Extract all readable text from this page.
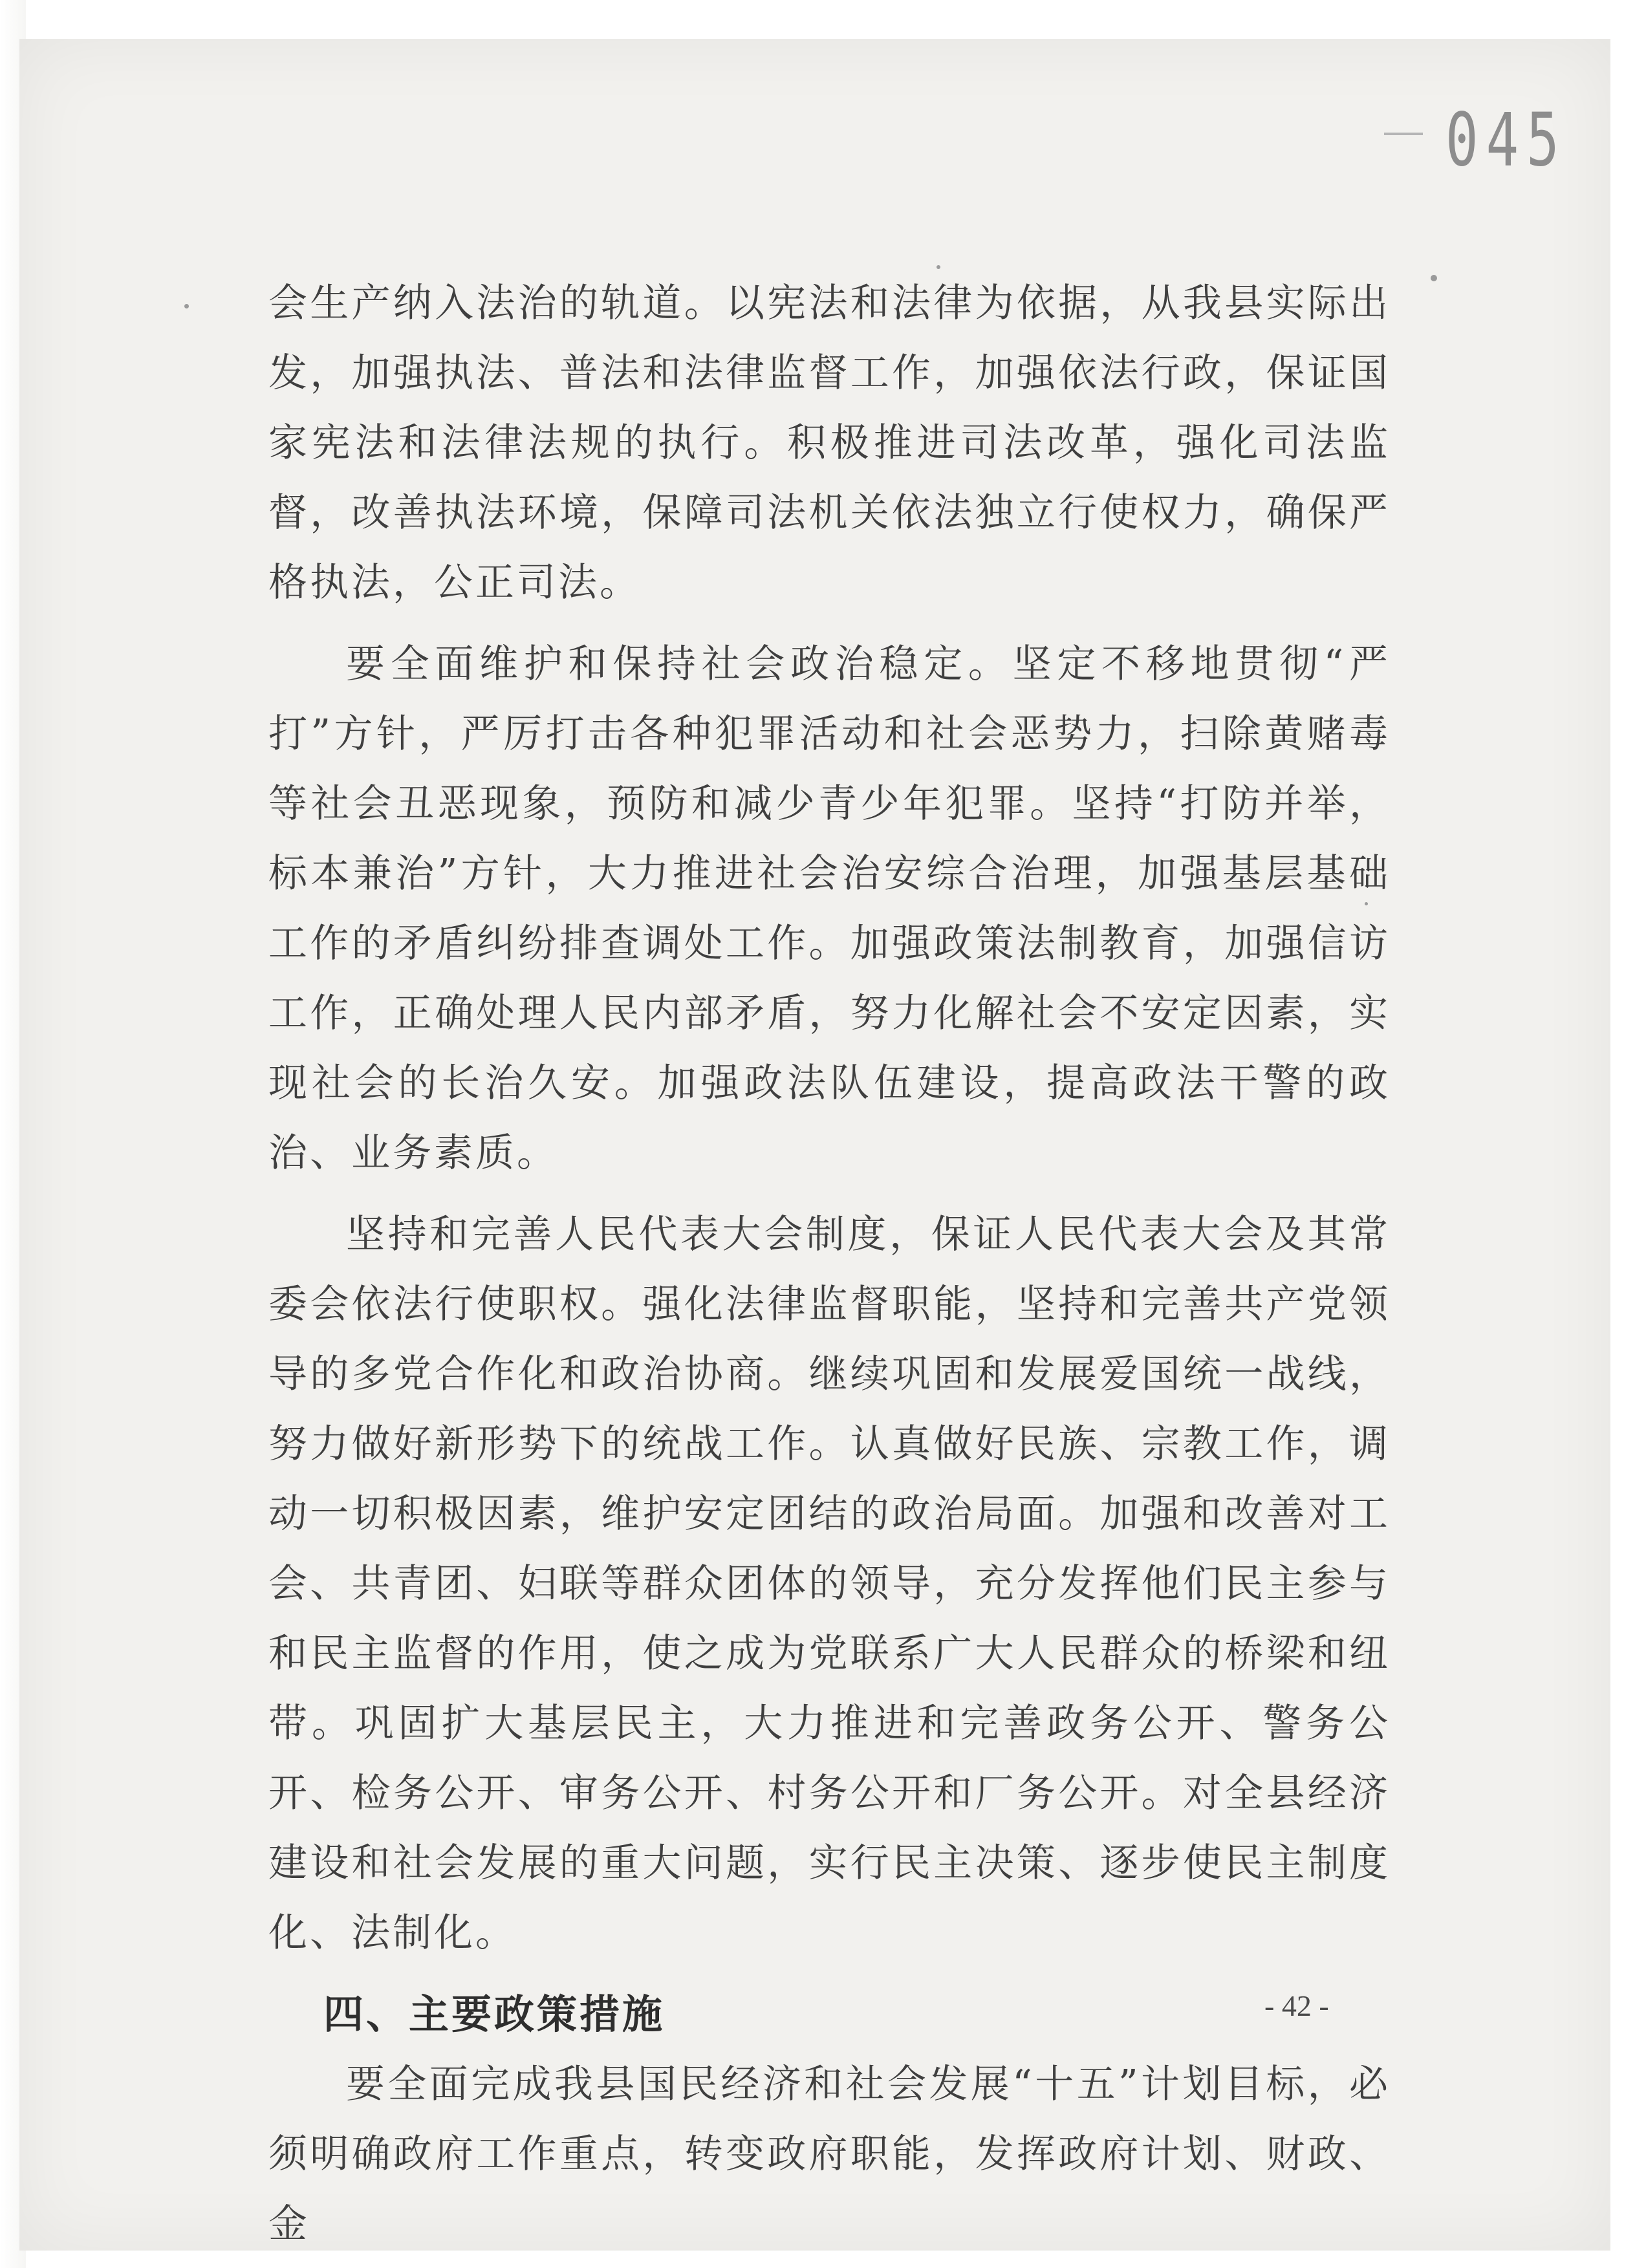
045

会生产纳入法治的轨道。以宪法和法律为依据，从我县实际出发，加强执法、普法和法律监督工作，加强依法行政，保证国家宪法和法律法规的执行。积极推进司法改革，强化司法监督，改善执法环境，保障司法机关依法独立行使权力，确保严格执法，公正司法。

要全面维护和保持社会政治稳定。坚定不移地贯彻“严打”方针，严厉打击各种犯罪活动和社会恶势力，扫除黄赌毒等社会丑恶现象，预防和减少青少年犯罪。坚持“打防并举，标本兼治”方针，大力推进社会治安综合治理，加强基层基础工作的矛盾纠纷排查调处工作。加强政策法制教育，加强信访工作，正确处理人民内部矛盾，努力化解社会不安定因素，实现社会的长治久安。加强政法队伍建设，提高政法干警的政治、业务素质。

坚持和完善人民代表大会制度，保证人民代表大会及其常委会依法行使职权。强化法律监督职能，坚持和完善共产党领导的多党合作化和政治协商。继续巩固和发展爱国统一战线，努力做好新形势下的统战工作。认真做好民族、宗教工作，调动一切积极因素，维护安定团结的政治局面。加强和改善对工会、共青团、妇联等群众团体的领导，充分发挥他们民主参与和民主监督的作用，使之成为党联系广大人民群众的桥梁和纽带。巩固扩大基层民主，大力推进和完善政务公开、警务公开、检务公开、审务公开、村务公开和厂务公开。对全县经济建设和社会发展的重大问题，实行民主决策、逐步使民主制度化、法制化。

四、主要政策措施

要全面完成我县国民经济和社会发展“十五”计划目标，必须明确政府工作重点，转变政府职能，发挥政府计划、财政、金

- 42 -
